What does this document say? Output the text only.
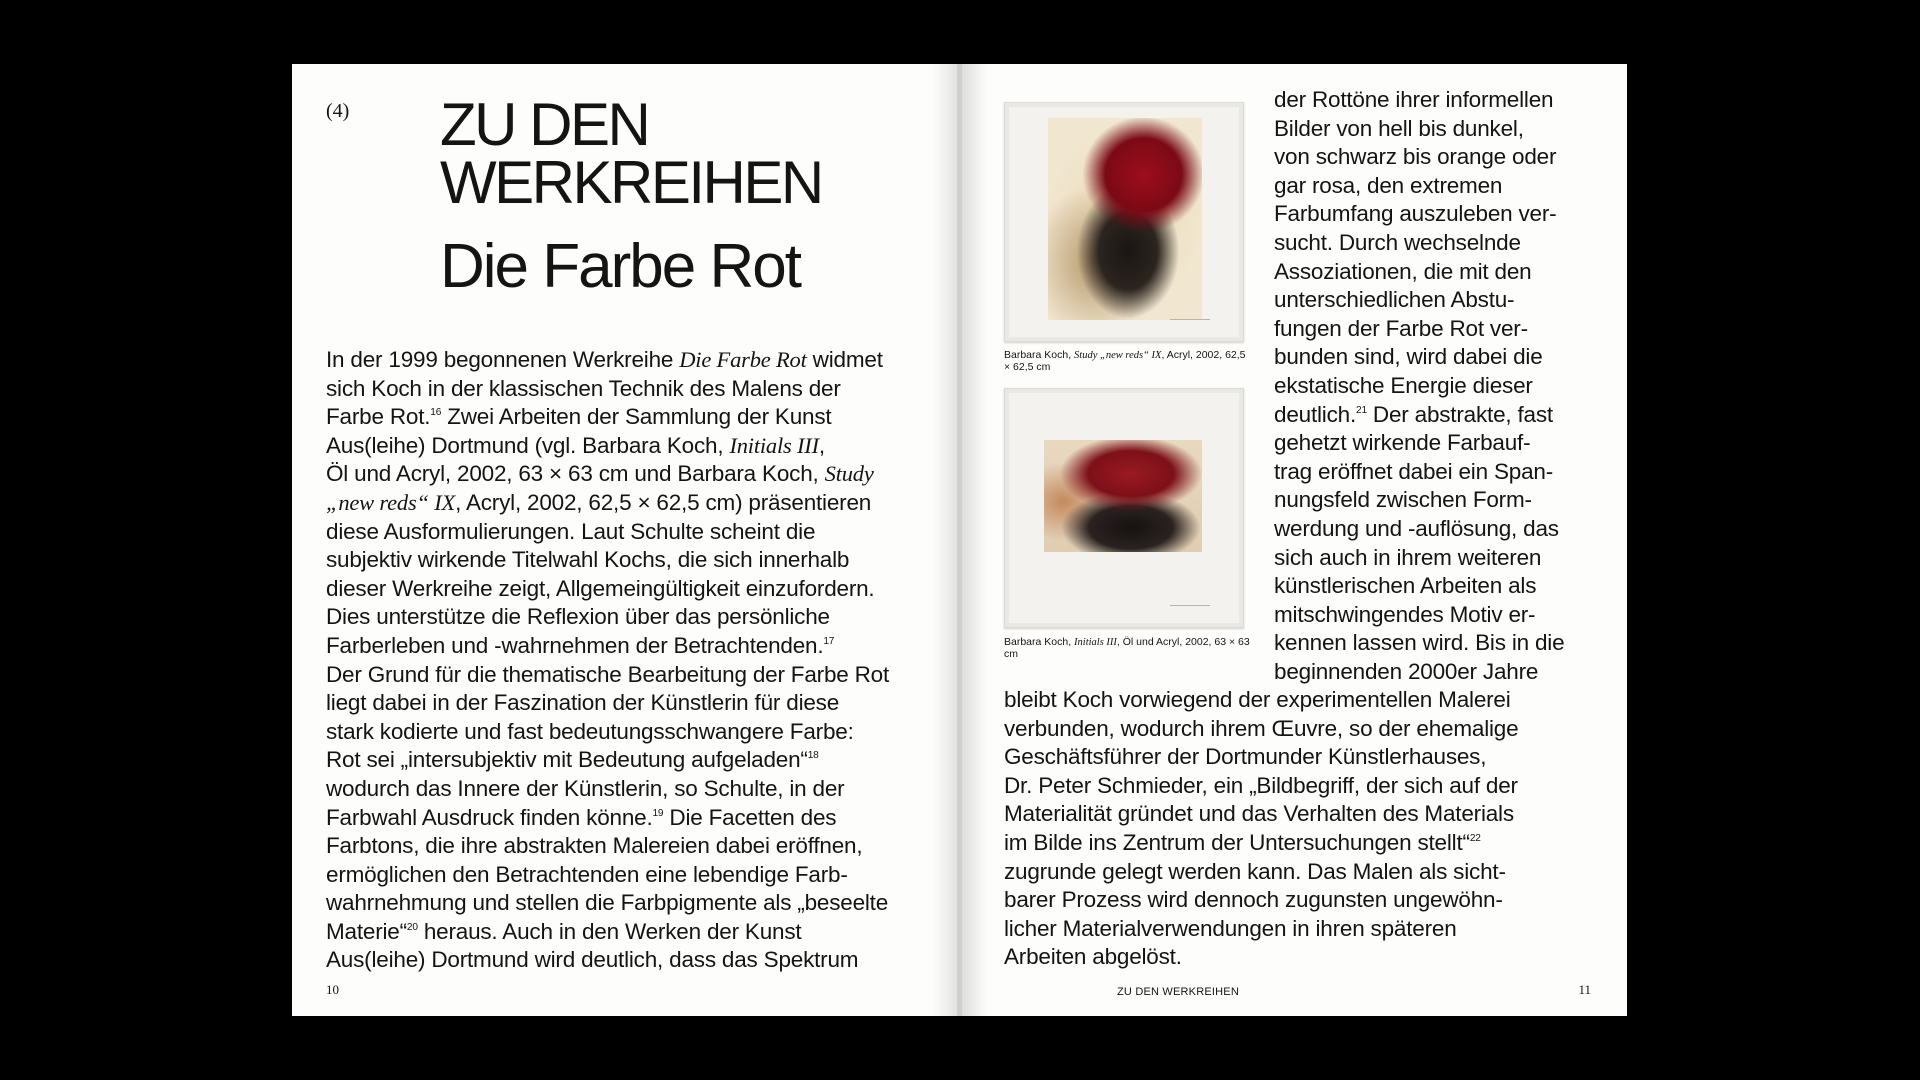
(4) ZU DEN
WERKREIHEN
Die Farbe Rot

In der 1999 begonnenen Werkreihe Die Farbe Rot widmet
sich Koch in der klassischen Technik des Malens der
Farbe Rot.$^{16}$ Zwei Arbeiten der Sammlung der Kunst
Aus(leihe) Dortmund (vgl. Barbara Koch, Initials III,
Öl und Acryl, 2002, 63 × 63 cm und Barbara Koch, Study
„new reds“ IX, Acryl, 2002, 62,5 × 62,5 cm) präsentieren
diese Ausformulierungen. Laut Schulte scheint die
subjektiv wirkende Titelwahl Kochs, die sich innerhalb
dieser Werkreihe zeigt, Allgemeingültigkeit einzufordern.
Dies unterstütze die Reflexion über das persönliche
Farberleben und -wahrnehmen der Betrachtenden.$^{17}$
Der Grund für die thematische Bearbeitung der Farbe Rot
liegt dabei in der Faszination der Künstlerin für diese
stark kodierte und fast bedeutungsschwangere Farbe:
Rot sei „intersubjektiv mit Bedeutung aufgeladen“$^{18}$
wodurch das Innere der Künstlerin, so Schulte, in der
Farbwahl Ausdruck finden könne.$^{19}$ Die Facetten des
Farbtons, die ihre abstrakten Malereien dabei eröffnen,
ermöglichen den Betrachtenden eine lebendige Farb-
wahrnehmung und stellen die Farbpigmente als „beseelte
Materie“$^{20}$ heraus. Auch in den Werken der Kunst
Aus(leihe) Dortmund wird deutlich, dass das Spektrum

10
Barbara Koch, Study „new reds“ IX, Acryl, 2002, 62,5 × 62,5 cm
Barbara Koch, Initials III, Öl und Acryl, 2002, 63 × 63 cm
der Rottöne ihrer informellen
Bilder von hell bis dunkel,
von schwarz bis orange oder
gar rosa, den extremen
Farbumfang auszuleben ver-
sucht. Durch wechselnde
Assoziationen, die mit den
unterschiedlichen Abstu-
fungen der Farbe Rot ver-
bunden sind, wird dabei die
ekstatische Energie dieser
deutlich.$^{21}$ Der abstrakte, fast
gehetzt wirkende Farbauf-
trag eröffnet dabei ein Span-
nungsfeld zwischen Form-
werdung und -auflösung, das
sich auch in ihrem weiteren
künstlerischen Arbeiten als
mitschwingendes Motiv er-
kennen lassen wird. Bis in die
beginnenden 2000er Jahre
bleibt Koch vorwiegend der experimentellen Malerei
verbunden, wodurch ihrem Œuvre, so der ehemalige
Geschäftsführer der Dortmunder Künstlerhauses,
Dr. Peter Schmieder, ein „Bildbegriff, der sich auf der
Materialität gründet und das Verhalten des Materials
im Bilde ins Zentrum der Untersuchungen stellt“$^{22}$
zugrunde gelegt werden kann. Das Malen als sicht-
barer Prozess wird dennoch zugunsten ungewöhn-
licher Materialverwendungen in ihren späteren
Arbeiten abgelöst.
ZU DEN WERKREIHEN	11
